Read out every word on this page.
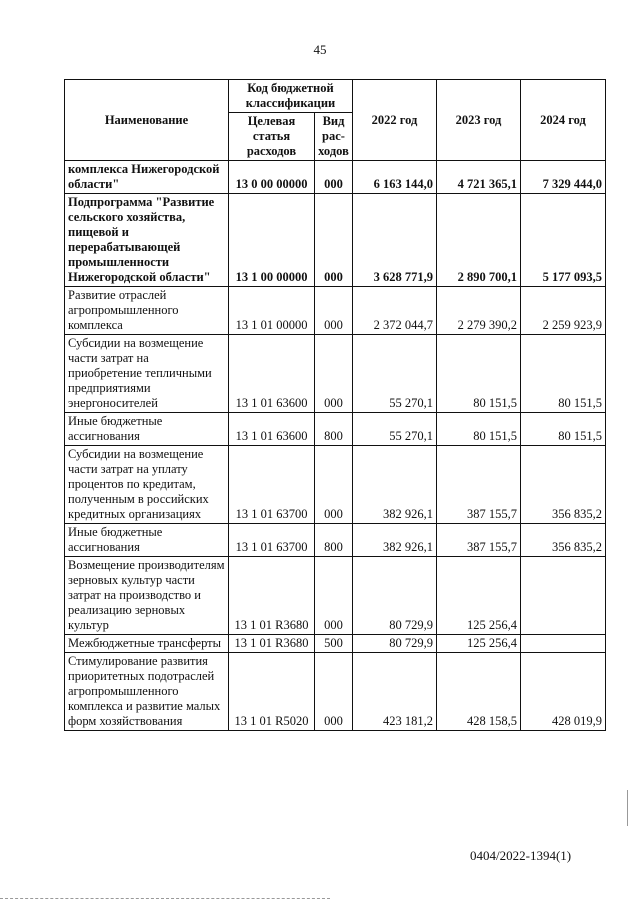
45
Наименование	Код бюджетной классификации		2022 год	2023 год	2024 год
	Целевая статья расходов	Вид рас-ходов			
комплекса Нижегородской области"	13 0 00 00000	000	6 163 144,0	4 721 365,1	7 329 444,0
Подпрограмма "Развитие сельского хозяйства, пищевой и перерабатывающей промышленности Нижегородской области"	13 1 00 00000	000	3 628 771,9	2 890 700,1	5 177 093,5
Развитие отраслей агропромышленного комплекса	13 1 01 00000	000	2 372 044,7	2 279 390,2	2 259 923,9
Субсидии на возмещение части затрат на приобретение тепличными предприятиями энергоносителей	13 1 01 63600	000	55 270,1	80 151,5	80 151,5
Иные бюджетные ассигнования	13 1 01 63600	800	55 270,1	80 151,5	80 151,5
Субсидии на возмещение части затрат на уплату процентов по кредитам, полученным в российских кредитных организациях	13 1 01 63700	000	382 926,1	387 155,7	356 835,2
Иные бюджетные ассигнования	13 1 01 63700	800	382 926,1	387 155,7	356 835,2
Возмещение производителям зерновых культур части затрат на производство и реализацию зерновых культур	13 1 01 R3680	000	80 729,9	125 256,4	
Межбюджетные трансферты	13 1 01 R3680	500	80 729,9	125 256,4	
Стимулирование развития приоритетных подотраслей агропромышленного комплекса и развитие малых форм хозяйствования	13 1 01 R5020	000	423 181,2	428 158,5	428 019,9
0404/2022-1394(1)
